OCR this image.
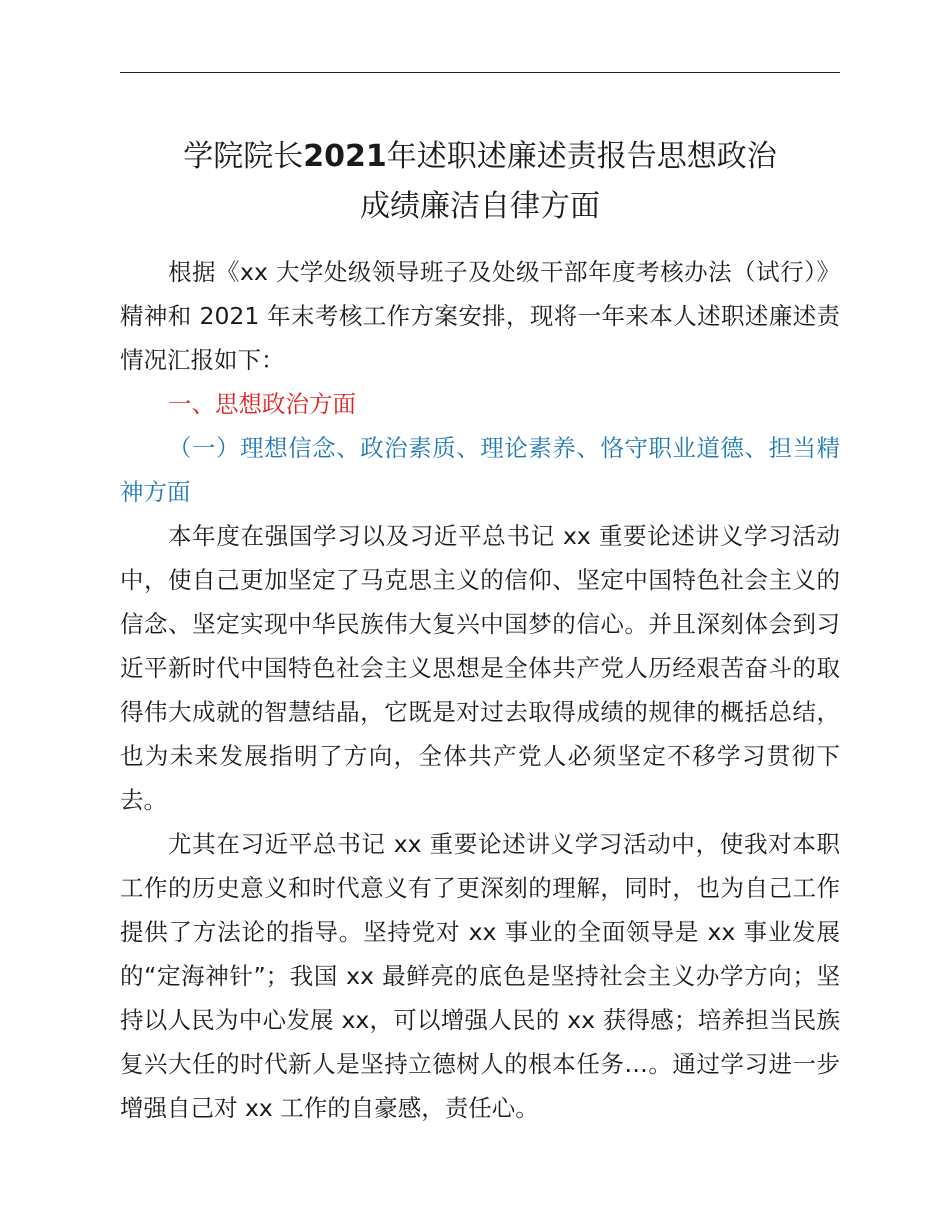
学院院长2021年述职述廉述责报告思想政治
成绩廉洁自律方面

根据《xx 大学处级领导班子及处级干部年度考核办法（试行）》精神和 2021 年末考核工作方案安排，现将一年来本人述职述廉述责情况汇报如下：

一、思想政治方面

（一）理想信念、政治素质、理论素养、恪守职业道德、担当精神方面

本年度在强国学习以及习近平总书记 xx 重要论述讲义学习活动中，使自己更加坚定了马克思主义的信仰、坚定中国特色社会主义的信念、坚定实现中华民族伟大复兴中国梦的信心。并且深刻体会到习近平新时代中国特色社会主义思想是全体共产党人历经艰苦奋斗的取得伟大成就的智慧结晶，它既是对过去取得成绩的规律的概括总结，也为未来发展指明了方向，全体共产党人必须坚定不移学习贯彻下去。

尤其在习近平总书记 xx 重要论述讲义学习活动中，使我对本职工作的历史意义和时代意义有了更深刻的理解，同时，也为自己工作提供了方法论的指导。坚持党对 xx 事业的全面领导是 xx 事业发展的“定海神针”；我国 xx 最鲜亮的底色是坚持社会主义办学方向；坚持以人民为中心发展 xx，可以增强人民的 xx 获得感；培养担当民族复兴大任的时代新人是坚持立德树人的根本任务…。通过学习进一步增强自己对 xx 工作的自豪感，责任心。
